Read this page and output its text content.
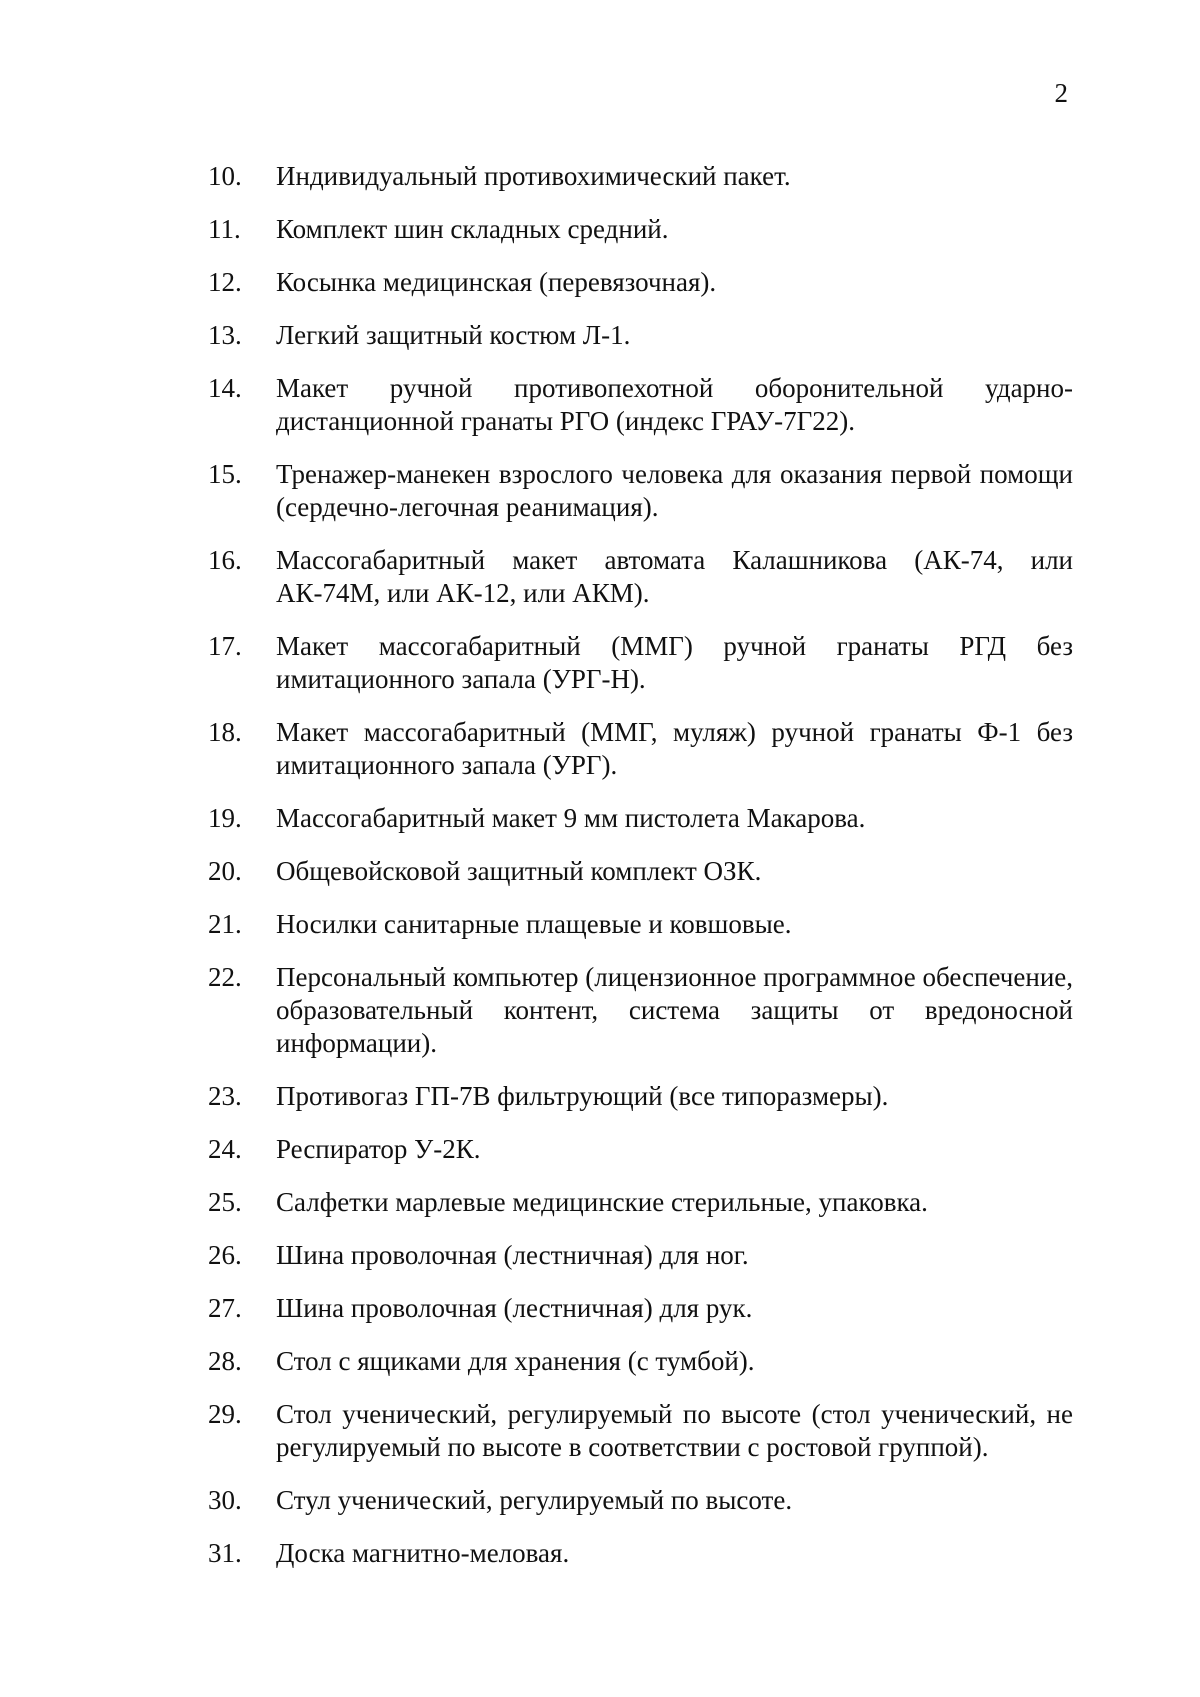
2
10.	Индивидуальный противохимический пакет.
11.	Комплект шин складных средний.
12.	Косынка медицинская (перевязочная).
13.	Легкий защитный костюм Л-1.
14.	Макет ручной противопехотной оборонительной ударно-дистанционной гранаты РГО (индекс ГРАУ-7Г22).
15.	Тренажер-манекен взрослого человека для оказания первой помощи (сердечно-легочная реанимация).
16.	Массогабаритный макет автомата Калашникова (АК-74, или АК-74М, или АК-12, или АКМ).
17.	Макет массогабаритный (ММГ) ручной гранаты РГД без имитационного запала (УРГ-Н).
18.	Макет массогабаритный (ММГ, муляж) ручной гранаты Ф-1 без имитационного запала (УРГ).
19.	Массогабаритный макет 9 мм пистолета Макарова.
20.	Общевойсковой защитный комплект ОЗК.
21.	Носилки санитарные плащевые и ковшовые.
22.	Персональный компьютер (лицензионное программное обеспечение, образовательный контент, система защиты от вредоносной информации).
23.	Противогаз ГП-7В фильтрующий (все типоразмеры).
24.	Респиратор У-2К.
25.	Салфетки марлевые медицинские стерильные, упаковка.
26.	Шина проволочная (лестничная) для ног.
27.	Шина проволочная (лестничная) для рук.
28.	Стол с ящиками для хранения (с тумбой).
29.	Стол ученический, регулируемый по высоте (стол ученический, не регулируемый по высоте в соответствии с ростовой группой).
30.	Стул ученический, регулируемый по высоте.
31.	Доска магнитно-меловая.
